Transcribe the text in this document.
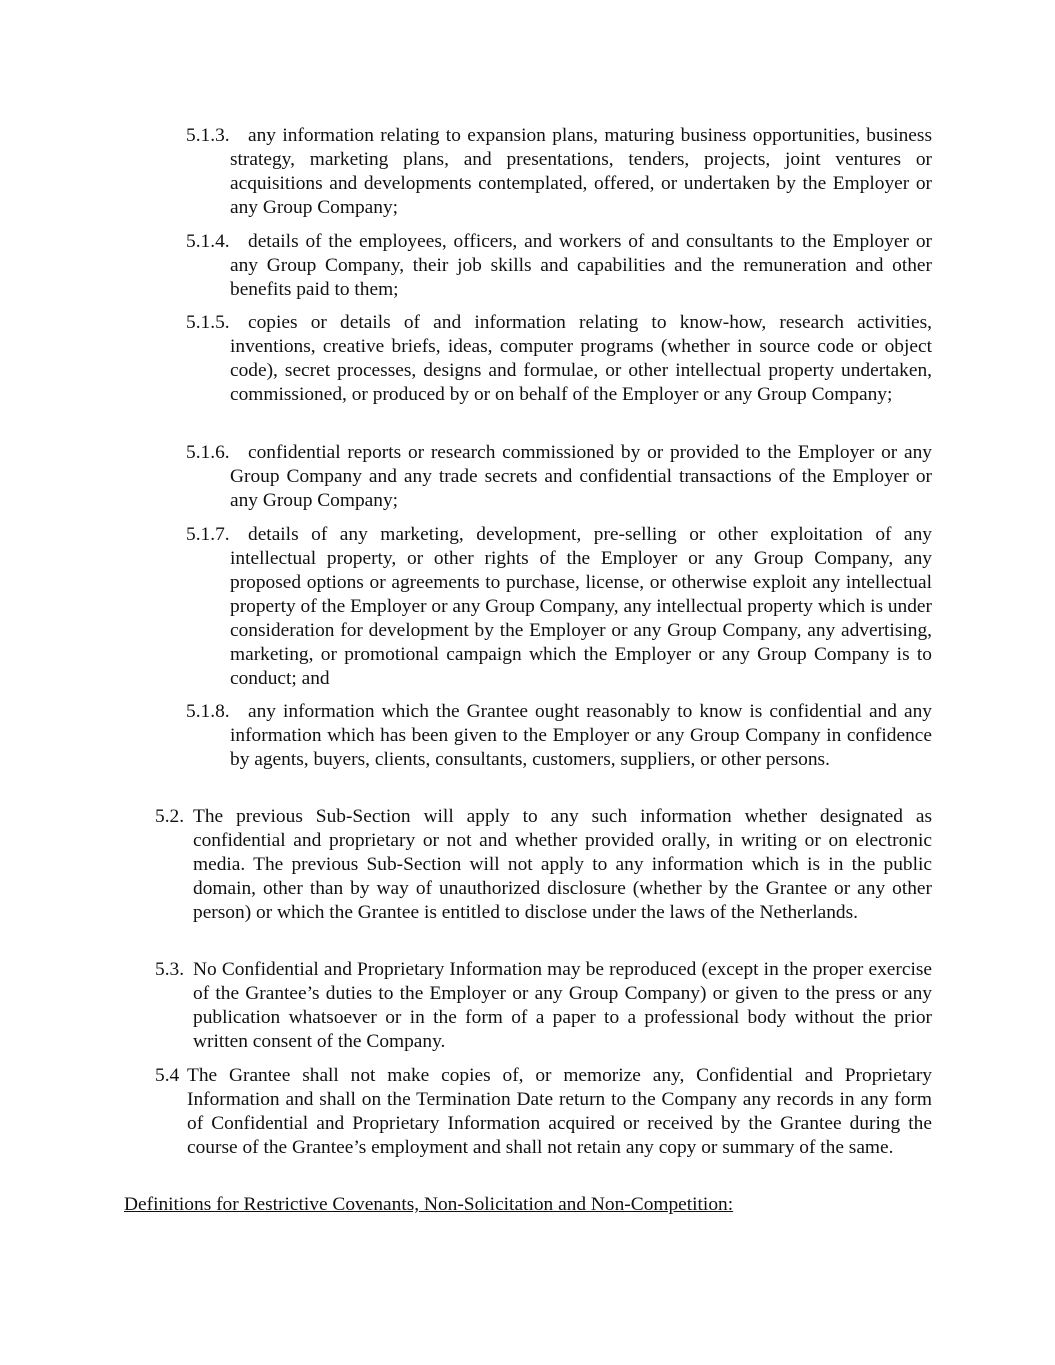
5.1.3. any information relating to expansion plans, maturing business opportunities, business strategy, marketing plans, and presentations, tenders, projects, joint ventures or acquisitions and developments contemplated, offered, or undertaken by the Employer or any Group Company;

5.1.4. details of the employees, officers, and workers of and consultants to the Employer or any Group Company, their job skills and capabilities and the remuneration and other benefits paid to them;

5.1.5. copies or details of and information relating to know-how, research activities, inventions, creative briefs, ideas, computer programs (whether in source code or object code), secret processes, designs and formulae, or other intellectual property undertaken, commissioned, or produced by or on behalf of the Employer or any Group Company;

5.1.6. confidential reports or research commissioned by or provided to the Employer or any Group Company and any trade secrets and confidential transactions of the Employer or any Group Company;

5.1.7. details of any marketing, development, pre-selling or other exploitation of any intellectual property, or other rights of the Employer or any Group Company, any proposed options or agreements to purchase, license, or otherwise exploit any intellectual property of the Employer or any Group Company, any intellectual property which is under consideration for development by the Employer or any Group Company, any advertising, marketing, or promotional campaign which the Employer or any Group Company is to conduct; and

5.1.8. any information which the Grantee ought reasonably to know is confidential and any information which has been given to the Employer or any Group Company in confidence by agents, buyers, clients, consultants, customers, suppliers, or other persons.

5.2. The previous Sub-Section will apply to any such information whether designated as confidential and proprietary or not and whether provided orally, in writing or on electronic media. The previous Sub-Section will not apply to any information which is in the public domain, other than by way of unauthorized disclosure (whether by the Grantee or any other person) or which the Grantee is entitled to disclose under the laws of the Netherlands.

5.3. No Confidential and Proprietary Information may be reproduced (except in the proper exercise of the Grantee’s duties to the Employer or any Group Company) or given to the press or any publication whatsoever or in the form of a paper to a professional body without the prior written consent of the Company.

5.4 The Grantee shall not make copies of, or memorize any, Confidential and Proprietary Information and shall on the Termination Date return to the Company any records in any form of Confidential and Proprietary Information acquired or received by the Grantee during the course of the Grantee’s employment and shall not retain any copy or summary of the same.

Definitions for Restrictive Covenants, Non-Solicitation and Non-Competition:
